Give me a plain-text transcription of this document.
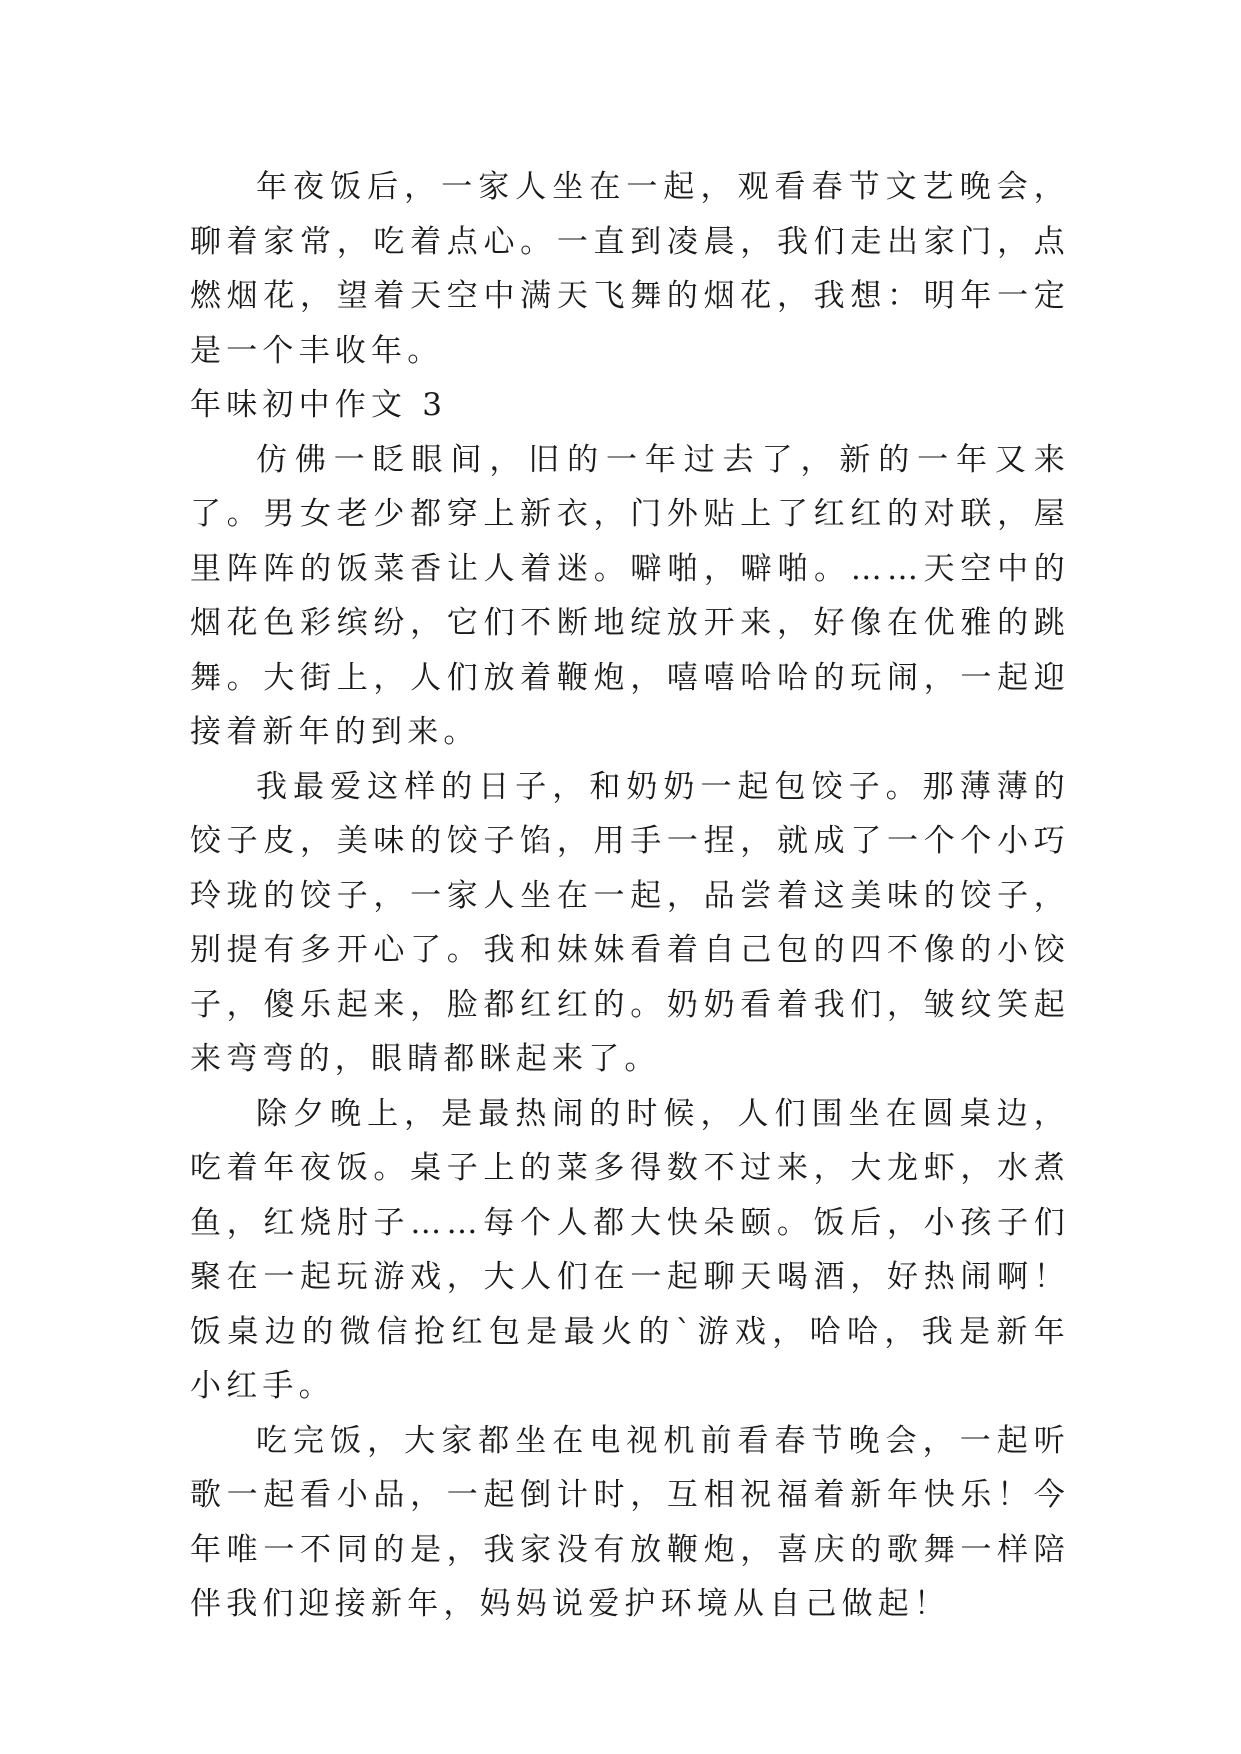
年夜饭后，一家人坐在一起，观看春节文艺晚会，聊着家常，吃着点心。一直到凌晨，我们走出家门，点燃烟花，望着天空中满天飞舞的烟花，我想：明年一定是一个丰收年。

年味初中作文 3

仿佛一眨眼间，旧的一年过去了，新的一年又来了。男女老少都穿上新衣，门外贴上了红红的对联，屋里阵阵的饭菜香让人着迷。噼啪，噼啪。……天空中的烟花色彩缤纷，它们不断地绽放开来，好像在优雅的跳舞。大街上，人们放着鞭炮，嘻嘻哈哈的玩闹，一起迎接着新年的到来。

我最爱这样的日子，和奶奶一起包饺子。那薄薄的饺子皮，美味的饺子馅，用手一捏，就成了一个个小巧玲珑的饺子，一家人坐在一起，品尝着这美味的饺子，别提有多开心了。我和妹妹看着自己包的四不像的小饺子，傻乐起来，脸都红红的。奶奶看着我们，皱纹笑起来弯弯的，眼睛都眯起来了。

除夕晚上，是最热闹的时候，人们围坐在圆桌边，吃着年夜饭。桌子上的菜多得数不过来，大龙虾，水煮鱼，红烧肘子……每个人都大快朵颐。饭后，小孩子们聚在一起玩游戏，大人们在一起聊天喝酒，好热闹啊！饭桌边的微信抢红包是最火的`游戏，哈哈，我是新年小红手。

吃完饭，大家都坐在电视机前看春节晚会，一起听歌一起看小品，一起倒计时，互相祝福着新年快乐！今年唯一不同的是，我家没有放鞭炮，喜庆的歌舞一样陪伴我们迎接新年，妈妈说爱护环境从自己做起！
